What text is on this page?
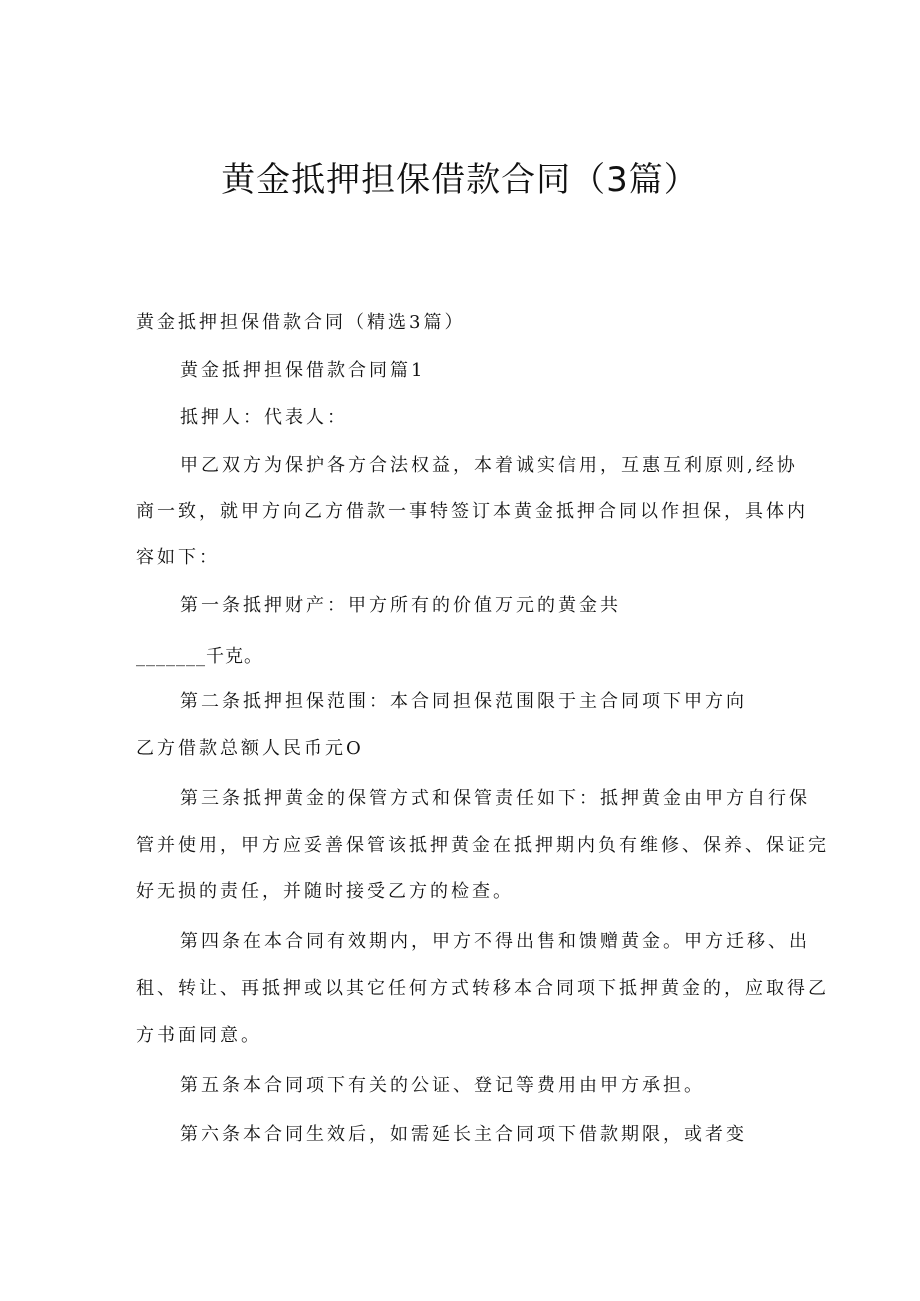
黄金抵押担保借款合同（3篇）
黄金抵押担保借款合同（精选3篇）
黄金抵押担保借款合同篇1
抵押人：代表人：
甲乙双方为保护各方合法权益，本着诚实信用，互惠互利原则,经协
商一致，就甲方向乙方借款一事特签订本黄金抵押合同以作担保，具体内
容如下：
第一条抵押财产：甲方所有的价值万元的黄金共
_______千克。
第二条抵押担保范围：本合同担保范围限于主合同项下甲方向
乙方借款总额人民币元O
第三条抵押黄金的保管方式和保管责任如下：抵押黄金由甲方自行保
管并使用，甲方应妥善保管该抵押黄金在抵押期内负有维修、保养、保证完
好无损的责任，并随时接受乙方的检查。
第四条在本合同有效期内，甲方不得出售和馈赠黄金。甲方迁移、出
租、转让、再抵押或以其它任何方式转移本合同项下抵押黄金的，应取得乙
方书面同意。
第五条本合同项下有关的公证、登记等费用由甲方承担。
第六条本合同生效后，如需延长主合同项下借款期限，或者变
